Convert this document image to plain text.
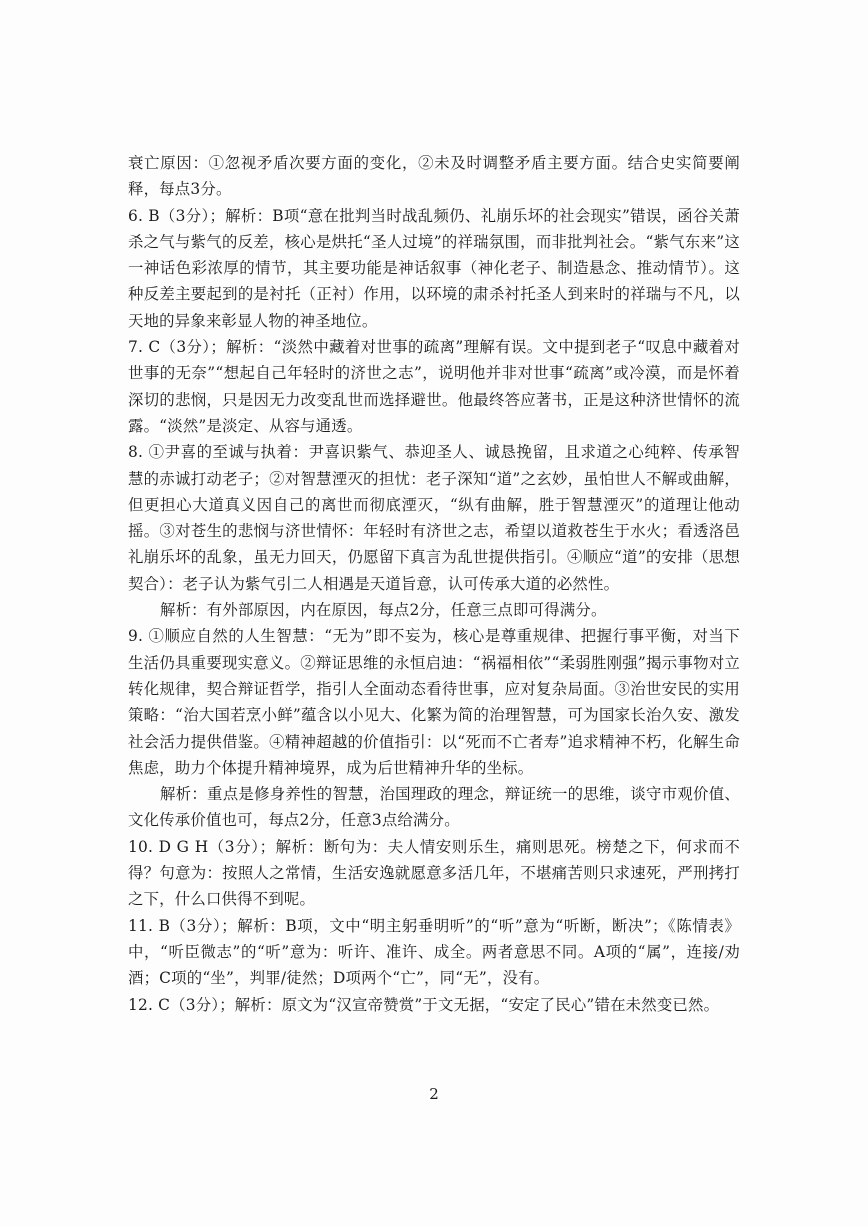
衰亡原因：①忽视矛盾次要方面的变化，②未及时调整矛盾主要方面。结合史实简要阐释，每点3分。

6. B（3分）；解析：B项“意在批判当时战乱频仍、礼崩乐坏的社会现实”错误，函谷关萧杀之气与紫气的反差，核心是烘托“圣人过境”的祥瑞氛围，而非批判社会。“紫气东来”这一神话色彩浓厚的情节，其主要功能是神话叙事（神化老子、制造悬念、推动情节）。这种反差主要起到的是衬托（正衬）作用，以环境的肃杀衬托圣人到来时的祥瑞与不凡，以天地的异象来彰显人物的神圣地位。

7. C（3分）；解析：“淡然中藏着对世事的疏离”理解有误。文中提到老子“叹息中藏着对世事的无奈”“想起自己年轻时的济世之志”，说明他并非对世事“疏离”或冷漠，而是怀着深切的悲悯，只是因无力改变乱世而选择避世。他最终答应著书，正是这种济世情怀的流露。“淡然”是淡定、从容与通透。

8. ①尹喜的至诚与执着：尹喜识紫气、恭迎圣人、诚恳挽留，且求道之心纯粹、传承智慧的赤诚打动老子；②对智慧湮灭的担忧：老子深知“道”之玄妙，虽怕世人不解或曲解，但更担心大道真义因自己的离世而彻底湮灭，“纵有曲解，胜于智慧湮灭”的道理让他动摇。③对苍生的悲悯与济世情怀：年轻时有济世之志，希望以道救苍生于水火；看透洛邑礼崩乐坏的乱象，虽无力回天，仍愿留下真言为乱世提供指引。④顺应“道”的安排（思想契合）：老子认为紫气引二人相遇是天道旨意，认可传承大道的必然性。

解析：有外部原因，内在原因，每点2分，任意三点即可得满分。

9. ①顺应自然的人生智慧：“无为”即不妄为，核心是尊重规律、把握行事平衡，对当下生活仍具重要现实意义。②辩证思维的永恒启迪：“祸福相依”“柔弱胜刚强”揭示事物对立转化规律，契合辩证哲学，指引人全面动态看待世事，应对复杂局面。③治世安民的实用策略：“治大国若烹小鲜”蕴含以小见大、化繁为简的治理智慧，可为国家长治久安、激发社会活力提供借鉴。④精神超越的价值指引：以“死而不亡者寿”追求精神不朽，化解生命焦虑，助力个体提升精神境界，成为后世精神升华的坐标。

解析：重点是修身养性的智慧，治国理政的理念，辩证统一的思维，谈守市观价值、文化传承价值也可，每点2分，任意3点给满分。

10. D G H（3分）；解析：断句为：夫人情安则乐生，痛则思死。榜楚之下，何求而不得？句意为：按照人之常情，生活安逸就愿意多活几年，不堪痛苦则只求速死，严刑拷打之下，什么口供得不到呢。

11. B（3分）；解析：B项，文中“明主躬垂明听”的“听”意为“听断，断决”；《陈情表》中，“听臣微志”的“听”意为：听许、准许、成全。两者意思不同。A项的“属”，连接/劝酒；C项的“坐”，判罪/徒然；D项两个“亡”，同“无”，没有。

12. C（3分）；解析：原文为“汉宣帝赞赏”于文无据，“安定了民心”错在未然变已然。

2
